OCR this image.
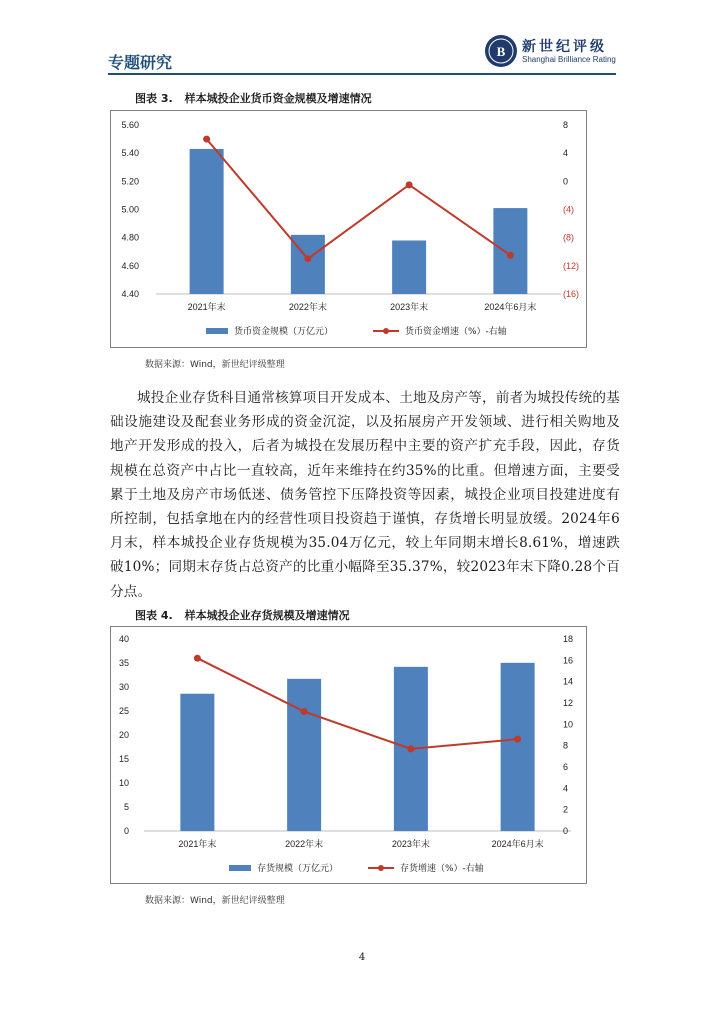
专题研究
B 新世纪评级
Shanghai Brilliance Rating
图表 3. 样本城投企业货币资金规模及增速情况
5.60
5.40
5.20
5.00
4.80
4.60
4.40
8
4
0
(4)
(8)
(12)
(16)
2021年末	2022年末	2023年末	2024年6月末
货币资金规模（万亿元）	货币资金增速（%）-右轴
数据来源：Wind，新世纪评级整理
城投企业存货科目通常核算项目开发成本、土地及房产等，前者为城投传统的基础设施建设及配套业务形成的资金沉淀，以及拓展房产开发领域、进行相关购地及地产开发形成的投入，后者为城投在发展历程中主要的资产扩充手段，因此，存货规模在总资产中占比一直较高，近年来维持在约35%的比重。但增速方面，主要受累于土地及房产市场低迷、债务管控下压降投资等因素，城投企业项目投建进度有所控制，包括拿地在内的经营性项目投资趋于谨慎，存货增长明显放缓。2024年6月末，样本城投企业存货规模为35.04万亿元，较上年同期末增长8.61%，增速跌破10%；同期末存货占总资产的比重小幅降至35.37%，较2023年末下降0.28个百分点。
图表 4. 样本城投企业存货规模及增速情况
40
35
30
25
20
15
10
5
0
18
16
14
12
10
8
6
4
2
0
2021年末	2022年末	2023年末	2024年6月末
存货规模（万亿元）	存货增速（%）-右轴
数据来源：Wind，新世纪评级整理
4
